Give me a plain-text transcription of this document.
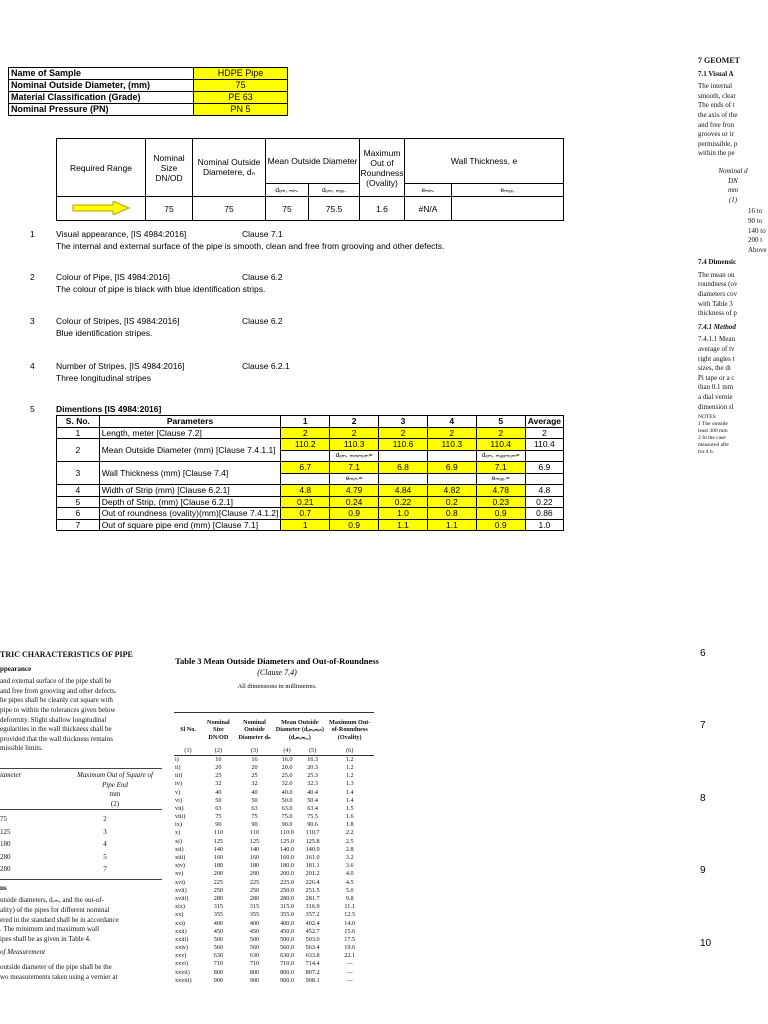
Name of Sample	HDPE Pipe
Nominal Outside Diameter, (mm)	75
Material Classification (Grade)	PE 63
Nominal Pressure (PN)	PN 5
Required Range	Nominal Size DN/OD	Nominal Outside Diametere, dₙ	Mean Outside Diameter		Maximum Out of Roundness (Ovality)	Wall Thickness, e	
			dₑₘ, ₘᵢₙ.	dₑₘ, ₘₐₓ.		eₘᵢₙ.	eₘₐₓ.
	75	75	75	75.5	1.6	#N/A	
1	Visual appearance, [IS 4984:2016]	Clause 7.1
The internal and external surface of the pipe is smooth, clean and free from grooving and other defects.
2	Colour of Pipe, [IS 4984:2016]	Clause 6.2
The colour of pipe is black with blue identification strips.
3	Colour of Stripes, [IS 4984:2016]	Clause 6.2
Blue identification stripes.
4	Number of Stripes, [IS 4984:2016]	Clause 6.2.1
Three longitudinal stripes
5	Dimentions [IS 4984:2016]
S. No.	Parameters	1	2	3	4	5	Average
1	Length, meter [Clause 7.2]	2	2	2	2	2	2
2	Mean Outside Diameter (mm) [Clause 7.4.1.1]	110.2	110.3	110.6	110.3	110.4	110.4
			dₑₘ, ₘᵢₙᵢₘᵤₘ=			dₑₘ, ₘₐₓᵢₘᵤₘ=	
3	Wall Thickness (mm) [Clause 7.4]	6.7	7.1	6.8	6.9	7.1	6.9
			eₘᵢₙ.=			eₘₐₓ.=	
4	Width of Strip (mm) [Clause 6.2.1]	4.8	4.79	4.84	4.82	4.78	4.8
5	Depth of Strip, (mm) [Clause 6.2.1]	0.21	0.24	0.22	0.2	0.23	0.22
6	Out of roundness (ovality)(mm)[Clause 7.4.1.2]	0.7	0.9	1.0	0.8	0.9	0.86
7	Out of square pipe end (mm) [Clause 7.1]	1	0.9	1.1	1.1	0.9	1.0
7 GEOMET
7.1 Visual A
The internal
smooth, clear
The ends of t
the axis of the
and free fron
grooves or ir
permissible, p
within the pe
Nominal d
DN
mm
(1)
16 to
90 to
140 to
200 t
Above
7.4 Dimensic
The mean ou
roundness (ov
diameters cov
with Table 3
thickness of p
7.4.1 Method
7.4.1.1 Mean
average of tv
right angles t
sizes, the di
Pi tape or a c
than 0.1 mm
a dial vernie
dimension sl
NOTES
1 The outside
least 300 mm
2 In the case
measured afte
for 4 h.
TRIC CHARACTERISTICS OF PIPE
ppearance
and external surface of the pipe shall be
and free from grooving and other defects.
he pipes shall be cleanly cut square with
pipe to within the tolerances given below
deformity. Slight shallow longitudinal
egularities in the wall thickness shall be
provided that the wall thickness remains
missible limits.
iameter	Maximum Out of Square of Pipe End
mm
(2)
75	2
125	3
180	4
280	5
280	7
ns
utside diameters, dₑₘ, and the out-of-
ality) of the pipes for different nominal
ered in the standard shall be in accordance
. The minimum and maximum wall
ipes shall be as given in Table 4.
of Measurement
outside diameter of the pipe shall be the
wo measurements taken using a vernier at
Table 3 Mean Outside Diameters and Out-of-Roundness
(Clause 7.4)
All dimensions in millimetres.
Sl No.	Nominal Size DN/OD	Nominal Outside Diameter dₙ	Mean Outside Diameter (dₑₘ,ₘᵢₙ) (dₑₘ,ₘₐₓ)		Maximum Out-of-Roundness (Ovality)
(1)	(2)	(3)	(4)	(5)	(6)
i)	16	16	16.0	16.3	1.2
ii)	20	20	20.0	20.3	1.2
iii)	25	25	25.0	25.3	1.2
iv)	32	32	32.0	32.3	1.3
v)	40	40	40.0	40.4	1.4
vi)	50	50	50.0	50.4	1.4
vii)	63	63	63.0	63.4	1.5
viii)	75	75	75.0	75.5	1.6
ix)	90	90	90.0	90.6	1.8
x)	110	110	110.0	110.7	2.2
xi)	125	125	125.0	125.8	2.5
xii)	140	140	140.0	140.9	2.8
xiii)	160	160	160.0	161.0	3.2
xiv)	180	180	180.0	181.1	3.6
xv)	200	200	200.0	201.2	4.0
xvi)	225	225	225.0	226.4	4.5
xvii)	250	250	250.0	251.5	5.0
xviii)	280	280	280.0	281.7	9.8
xix)	315	315	315.0	316.9	11.1
xx)	355	355	355.0	357.2	12.5
xxi)	400	400	400.0	402.4	14.0
xxii)	450	450	450.0	452.7	15.6
xxiii)	500	500	500.0	503.0	17.5
xxiv)	560	560	560.0	563.4	19.6
xxv)	630	630	630.0	633.8	22.1
xxvi)	710	710	710.0	714.4	—
xxvii)	800	800	800.0	807.2	—
xxviii)	900	900	900.0	908.1	—
6
7
8
9
10
